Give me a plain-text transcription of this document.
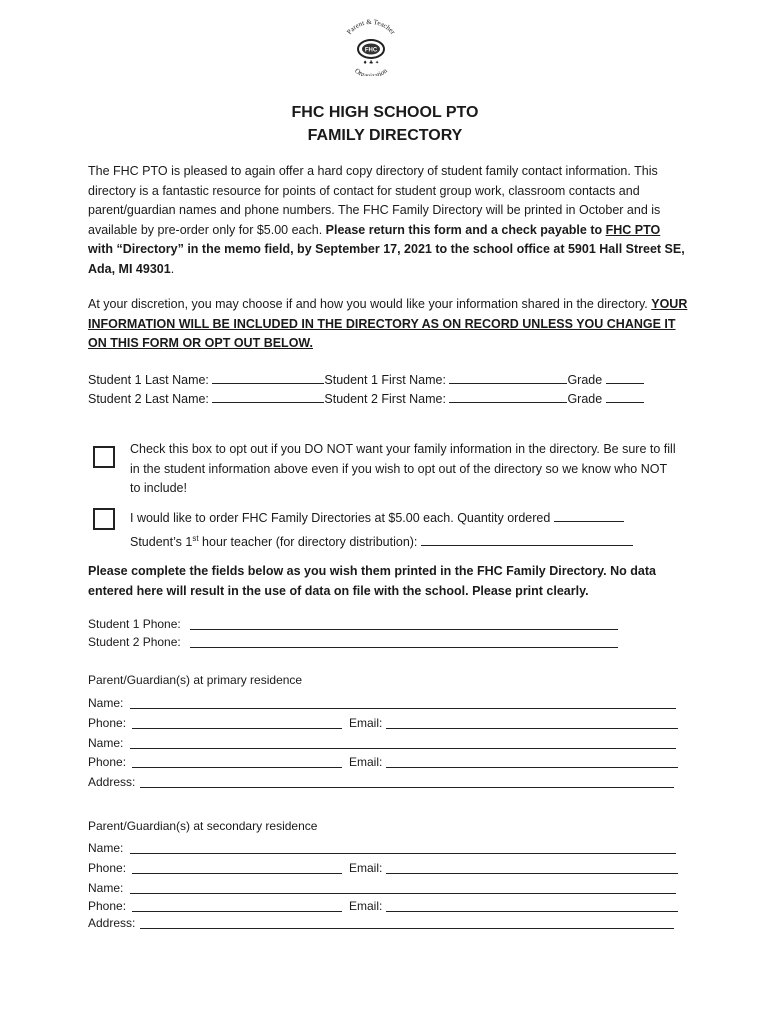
Parent & Teacher
Organization
FHC
♦ ♣ ✦
FHC HIGH SCHOOL PTO
FAMILY DIRECTORY
The FHC PTO is pleased to again offer a hard copy directory of student family contact information. This directory is a fantastic resource for points of contact for student group work, classroom contacts and parent/guardian names and phone numbers. The FHC Family Directory will be printed in October and is available by pre-order only for $5.00 each. Please return this form and a check payable to FHC PTO with “Directory” in the memo field, by September 17, 2021 to the school office at 5901 Hall Street SE, Ada, MI 49301.
At your discretion, you may choose if and how you would like your information shared in the directory. YOUR INFORMATION WILL BE INCLUDED IN THE DIRECTORY AS ON RECORD UNLESS YOU CHANGE IT ON THIS FORM OR OPT OUT BELOW.
Student 1 Last Name:	Student 1 First Name:	Grade
Student 2 Last Name:	Student 2 First Name:	Grade
Check this box to opt out if you DO NOT want your family information in the directory. Be sure to fill in the student information above even if you wish to opt out of the directory so we know who NOT to include!
I would like to order FHC Family Directories at $5.00 each. Quantity ordered
Student’s 1st hour teacher (for directory distribution):
Please complete the fields below as you wish them printed in the FHC Family Directory. No data entered here will result in the use of data on file with the school. Please print clearly.
Student 1 Phone:
Student 2 Phone:
Parent/Guardian(s) at primary residence
Name:
Phone:	Email:
Name:
Phone:	Email:
Address:
Parent/Guardian(s) at secondary residence
Name:
Phone:	Email:
Name:
Phone:	Email:
Address:
